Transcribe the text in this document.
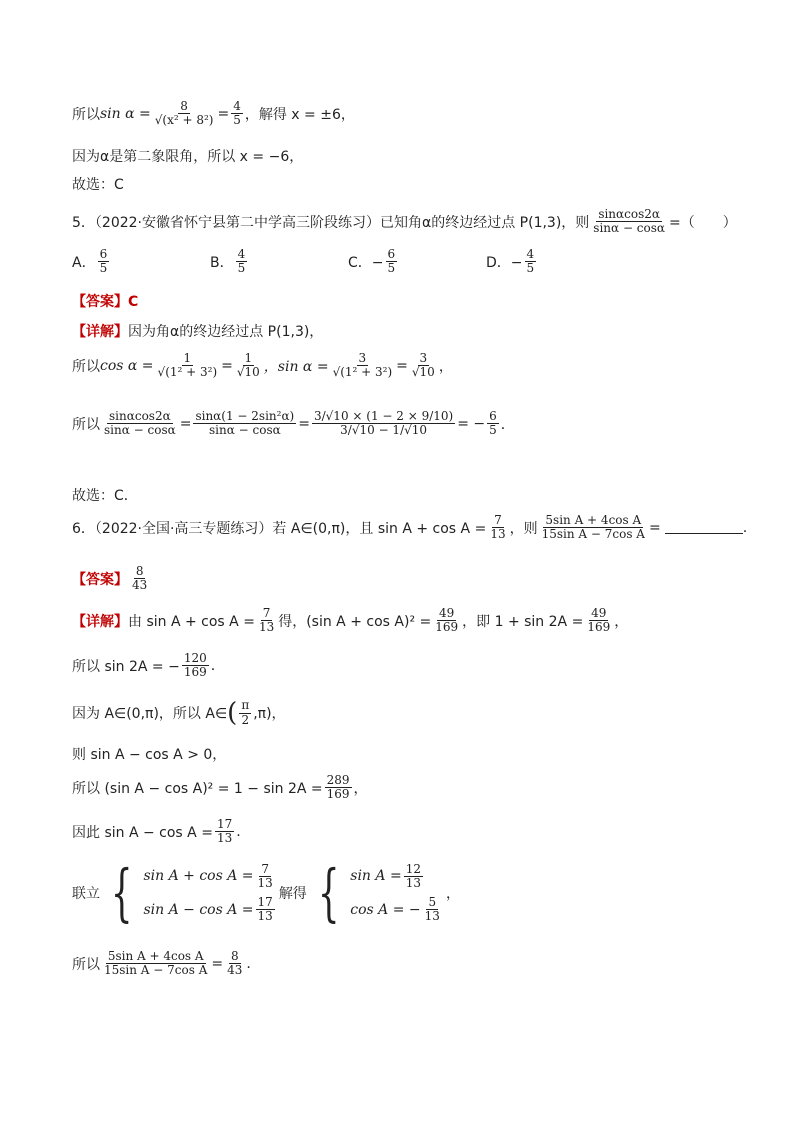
所以 $\sin \alpha = \frac{8}{\text{√(x² + 8²)}} = \frac{4}{5}$ ，解得 x = ±6，
因为α是第二象限角，所以 x = −6，
故选：C
5．（2022·安徽省怀宁县第二中学高三阶段练习）已知角α的终边经过点 P(1,3)，则 $\frac{\sin\alpha\cos 2\alpha}{\sin\alpha - \cos\alpha}$ =（　　）
A． $\frac{6}{5}$	B． $\frac{4}{5}$	C．− $\frac{6}{5}$	D．− $\frac{4}{5}$
【答案】C
【详解】 因为角α的终边经过点 P(1,3)，
所以 $\cos \alpha = \frac{1}{\text{√(1² + 3²)}} = \frac{1}{√10}$ ，$\sin \alpha = \frac{3}{\text{√(1² + 3²)}} = \frac{3}{√10}$ ，
所以 $\frac{\sin\alpha\cos 2\alpha}{\sin\alpha - \cos\alpha} = \frac{\text{sinα(1 − 2sin²α)}}{\sin\alpha - \cos\alpha} = \frac{3/√10 \times (1 - 2 \times 9/10)}{3/√10 - 1/√10}$ = − $\frac{6}{5}$ ．
故选：C．
6．（2022·全国·高三专题练习）若 A∈(0,π)，且 $\sin A + \cos A = \frac{7}{13}$ ，则 $\frac{\text{5sin A + 4cos A}}{\text{15sin A − 7cos A}}$ =	.
【答案】 $\frac{8}{43}$
【详解】 由 $\sin A + \cos A = \frac{7}{13}$ 得，(sin $A + \cos A)^2 = \frac{49}{169}$ ，即 $1 + \sin 2A = \frac{49}{169}$ ，
所以 sin 2A = − $\frac{120}{169}$ .
因为 A∈(0,π)，所以 A∈ ( $\frac{\pi}{2} ,\pi$)，
则 sin A − cos A > 0，
所以 (sin $A - \cos A)^2 = 1 - \sin 2A = \frac{289}{169}$ ，
因此 $\sin A - \cos A = \frac{17}{13}$ .
联立 { $\sin A + \cos A = \frac{7}{13}$
$\sin A - \cos A = \frac{17}{13}$
解得 { $\sin A = \frac{12}{13}$
cos A = − $\frac{5}{13}$
，
所以 $\frac{\text{5sin A + 4cos A}}{\text{15sin A − 7cos A}} = \frac{8}{43}$ .
